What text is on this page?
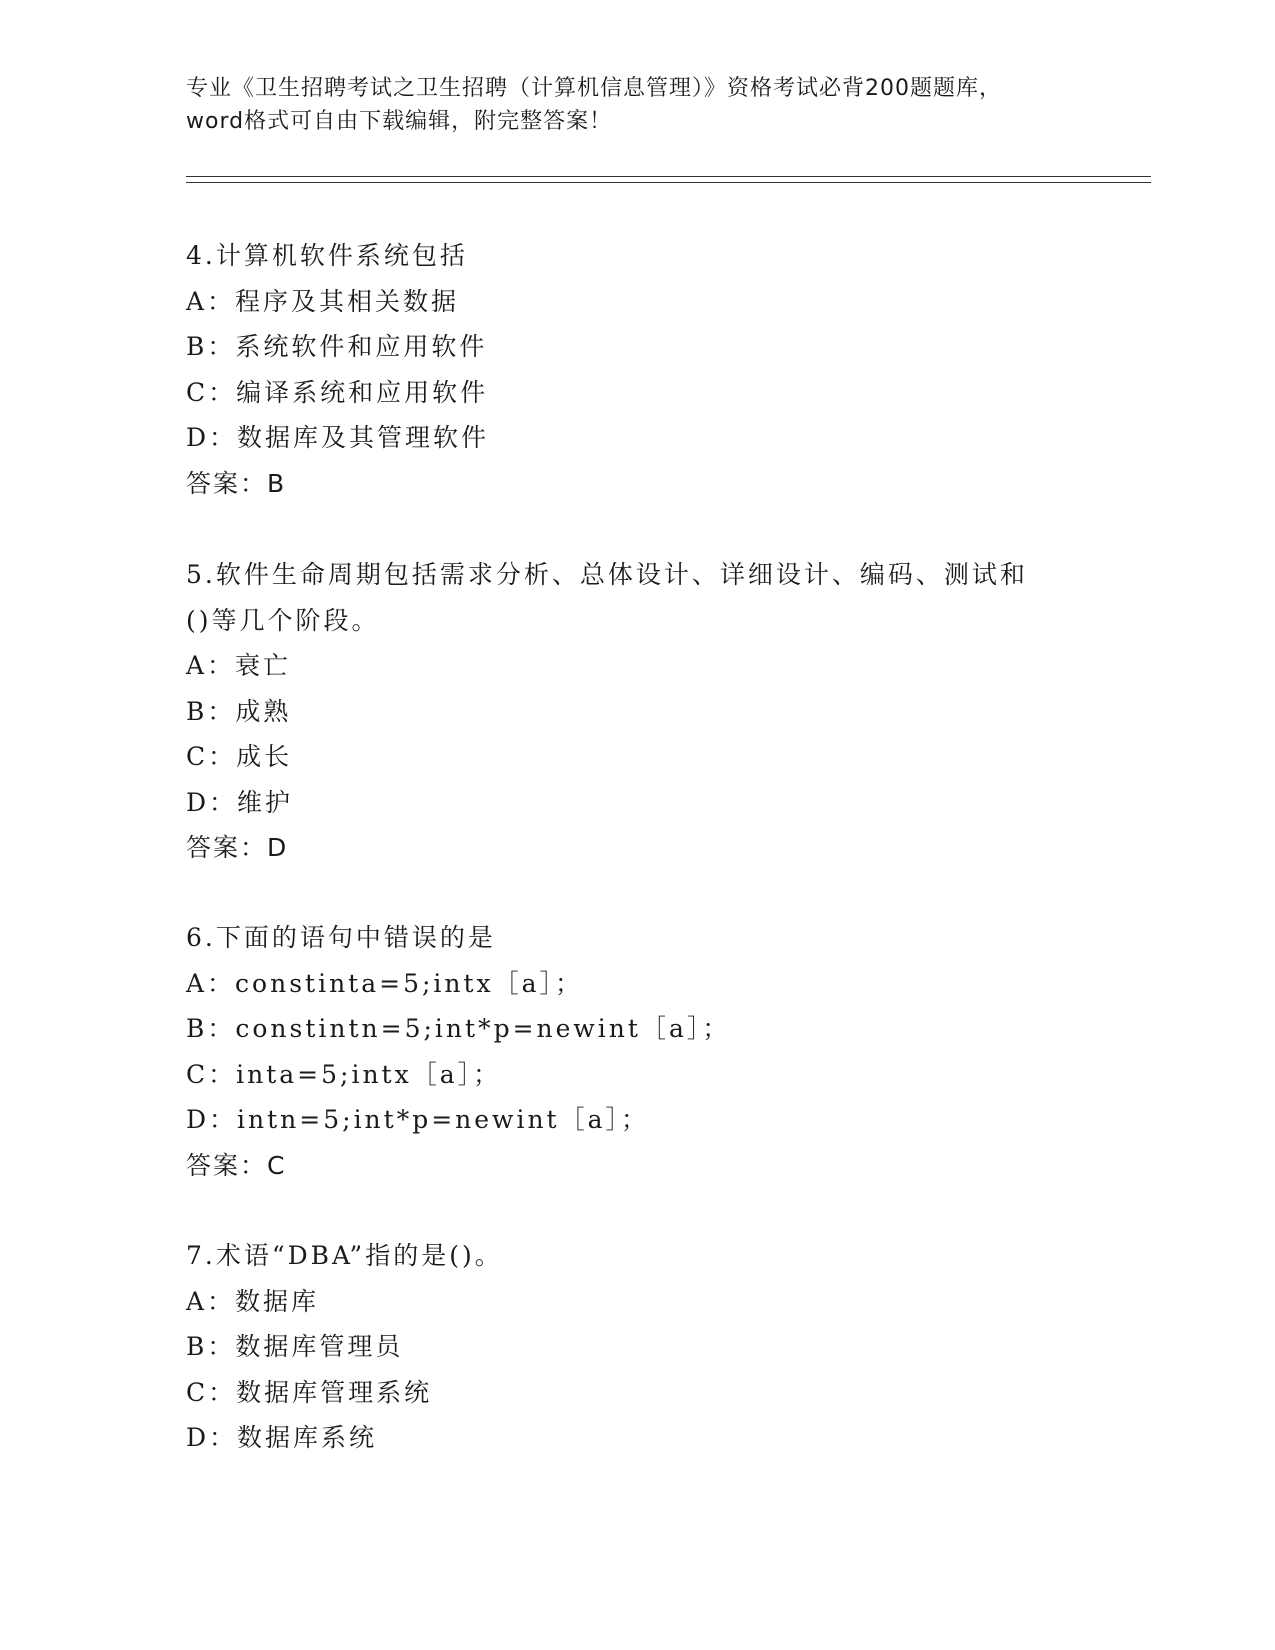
专业《卫生招聘考试之卫生招聘（计算机信息管理）》资格考试必背200题题库，
word格式可自由下载编辑，附完整答案！
4.计算机软件系统包括
A：程序及其相关数据
B：系统软件和应用软件
C：编译系统和应用软件
D：数据库及其管理软件
答案：B
5.软件生命周期包括需求分析、总体设计、详细设计、编码、测试和
()等几个阶段。
A：衰亡
B：成熟
C：成长
D：维护
答案：D
6.下面的语句中错误的是
A：constinta=5;intx［a］；
B：constintn=5;int*p=newint［a］；
C：inta=5;intx［a］；
D：intn=5;int*p=newint［a］；
答案：C
7.术语“DBA”指的是()。
A：数据库
B：数据库管理员
C：数据库管理系统
D：数据库系统
